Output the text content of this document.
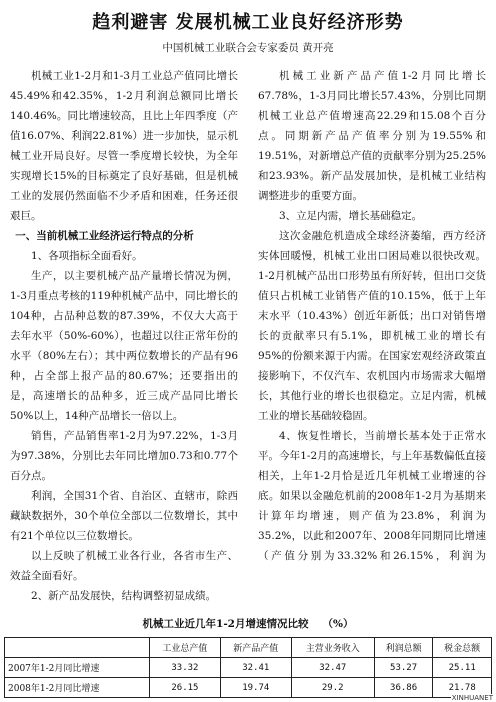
趋利避害 发展机械工业良好经济形势
中国机械工业联合会专家委员 黄开亮

机械工业1-2月和1-3月工业总产值同比增长45.49%和42.35%，1-2月利润总额同比增长140.46%。同比增速较高，且比上年四季度（产值16.07%、利润22.81%）进一步加快，显示机械工业开局良好。尽管一季度增长较快，为全年实现增长15%的目标奠定了良好基础，但是机械工业的发展仍然面临不少矛盾和困难，任务还很艰巨。

一、当前机械工业经济运行特点的分析

1、各项指标全面看好。

生产，以主要机械产品产量增长情况为例，1-3月重点考核的119种机械产品中，同比增长的104种，占品种总数的87.39%，不仅大大高于去年水平（50%-60%），也超过以往正常年份的水平（80%左右）；其中两位数增长的产品有96种，占全部上报产品的80.67%；还要指出的是，高速增长的品种多，近三成产品同比增长50%以上，14种产品增长一倍以上。

销售，产品销售率1-2月为97.22%，1-3月为97.38%，分别比去年同比增加0.73和0.77个百分点。

利润，全国31个省、自治区、直辖市，除西藏缺数据外，30个单位全部以二位数增长，其中有21个单位以三位数增长。

以上反映了机械工业各行业，各省市生产、效益全面看好。

2、新产品发展快，结构调整初显成绩。

机械工业新产品产值1-2月同比增长67.78%，1-3月同比增长57.43%，分别比同期机械工业总产值增速高22.29和15.08个百分点。同期新产品产值率分别为19.55%和19.51%，对新增总产值的贡献率分别为25.25%和23.93%。新产品发展加快，是机械工业结构调整进步的重要方面。

3、立足内需，增长基础稳定。

这次金融危机造成全球经济萎缩，西方经济实体回暖慢，机械工业出口困局难以很快改观。1-2月机械产品出口形势虽有所好转，但出口交货值只占机械工业销售产值的10.15%，低于上年末水平（10.43%）创近年新低；出口对销售增长的贡献率只有5.1%，即机械工业的增长有95%的份额来源于内需。在国家宏观经济政策直接影响下，不仅汽车、农机国内市场需求大幅增长，其他行业的增长也很稳定。立足内需，机械工业的增长基础较稳固。

4、恢复性增长，当前增长基本处于正常水平。今年1-2月的高速增长，与上年基数偏低直接相关，上年1-2月恰是近几年机械工业增速的谷底。如果以金融危机前的2008年1-2月为基期来计算年均增速，则产值为23.8%，利润为35.2%，以此和2007年、2008年同期同比增速（产值分别为33.32%和26.15%，利润为

机械工业近几年1-2月增速情况比较 （%）
	工业总产值	新产品产值	主营业务收入	利润总额	税金总额
2007年1-2月同比增速	33.32	32.41	32.47	53.27	25.11
2008年1-2月同比增速	26.15	19.74	29.2	36.86	21.78
XINHUANET
